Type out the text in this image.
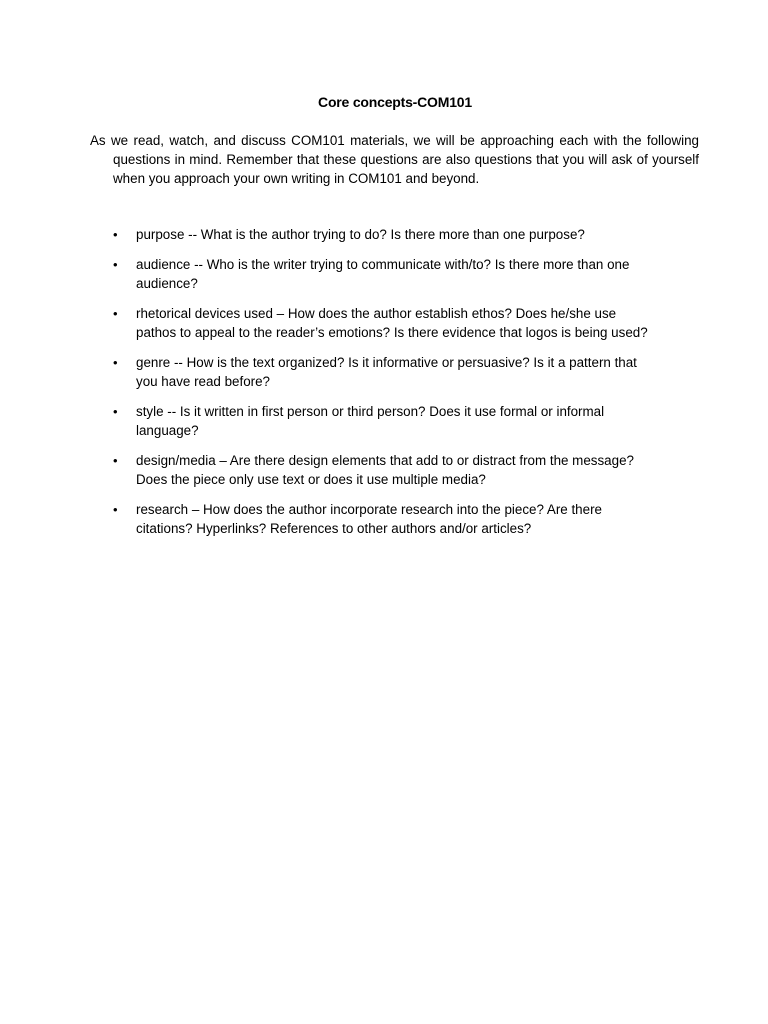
Core concepts-COM101

As we read, watch, and discuss COM101 materials, we will be approaching each with the following questions in mind. Remember that these questions are also questions that you will ask of yourself when you approach your own writing in COM101 and beyond.

•	purpose -- What is the author trying to do? Is there more than one purpose?
•	audience -- Who is the writer trying to communicate with/to? Is there more than one audience?
•	rhetorical devices used – How does the author establish ethos? Does he/she use pathos to appeal to the reader’s emotions? Is there evidence that logos is being used?
•	genre -- How is the text organized? Is it informative or persuasive? Is it a pattern that you have read before?
•	style -- Is it written in first person or third person? Does it use formal or informal language?
•	design/media – Are there design elements that add to or distract from the message? Does the piece only use text or does it use multiple media?
•	research – How does the author incorporate research into the piece? Are there citations? Hyperlinks? References to other authors and/or articles?
